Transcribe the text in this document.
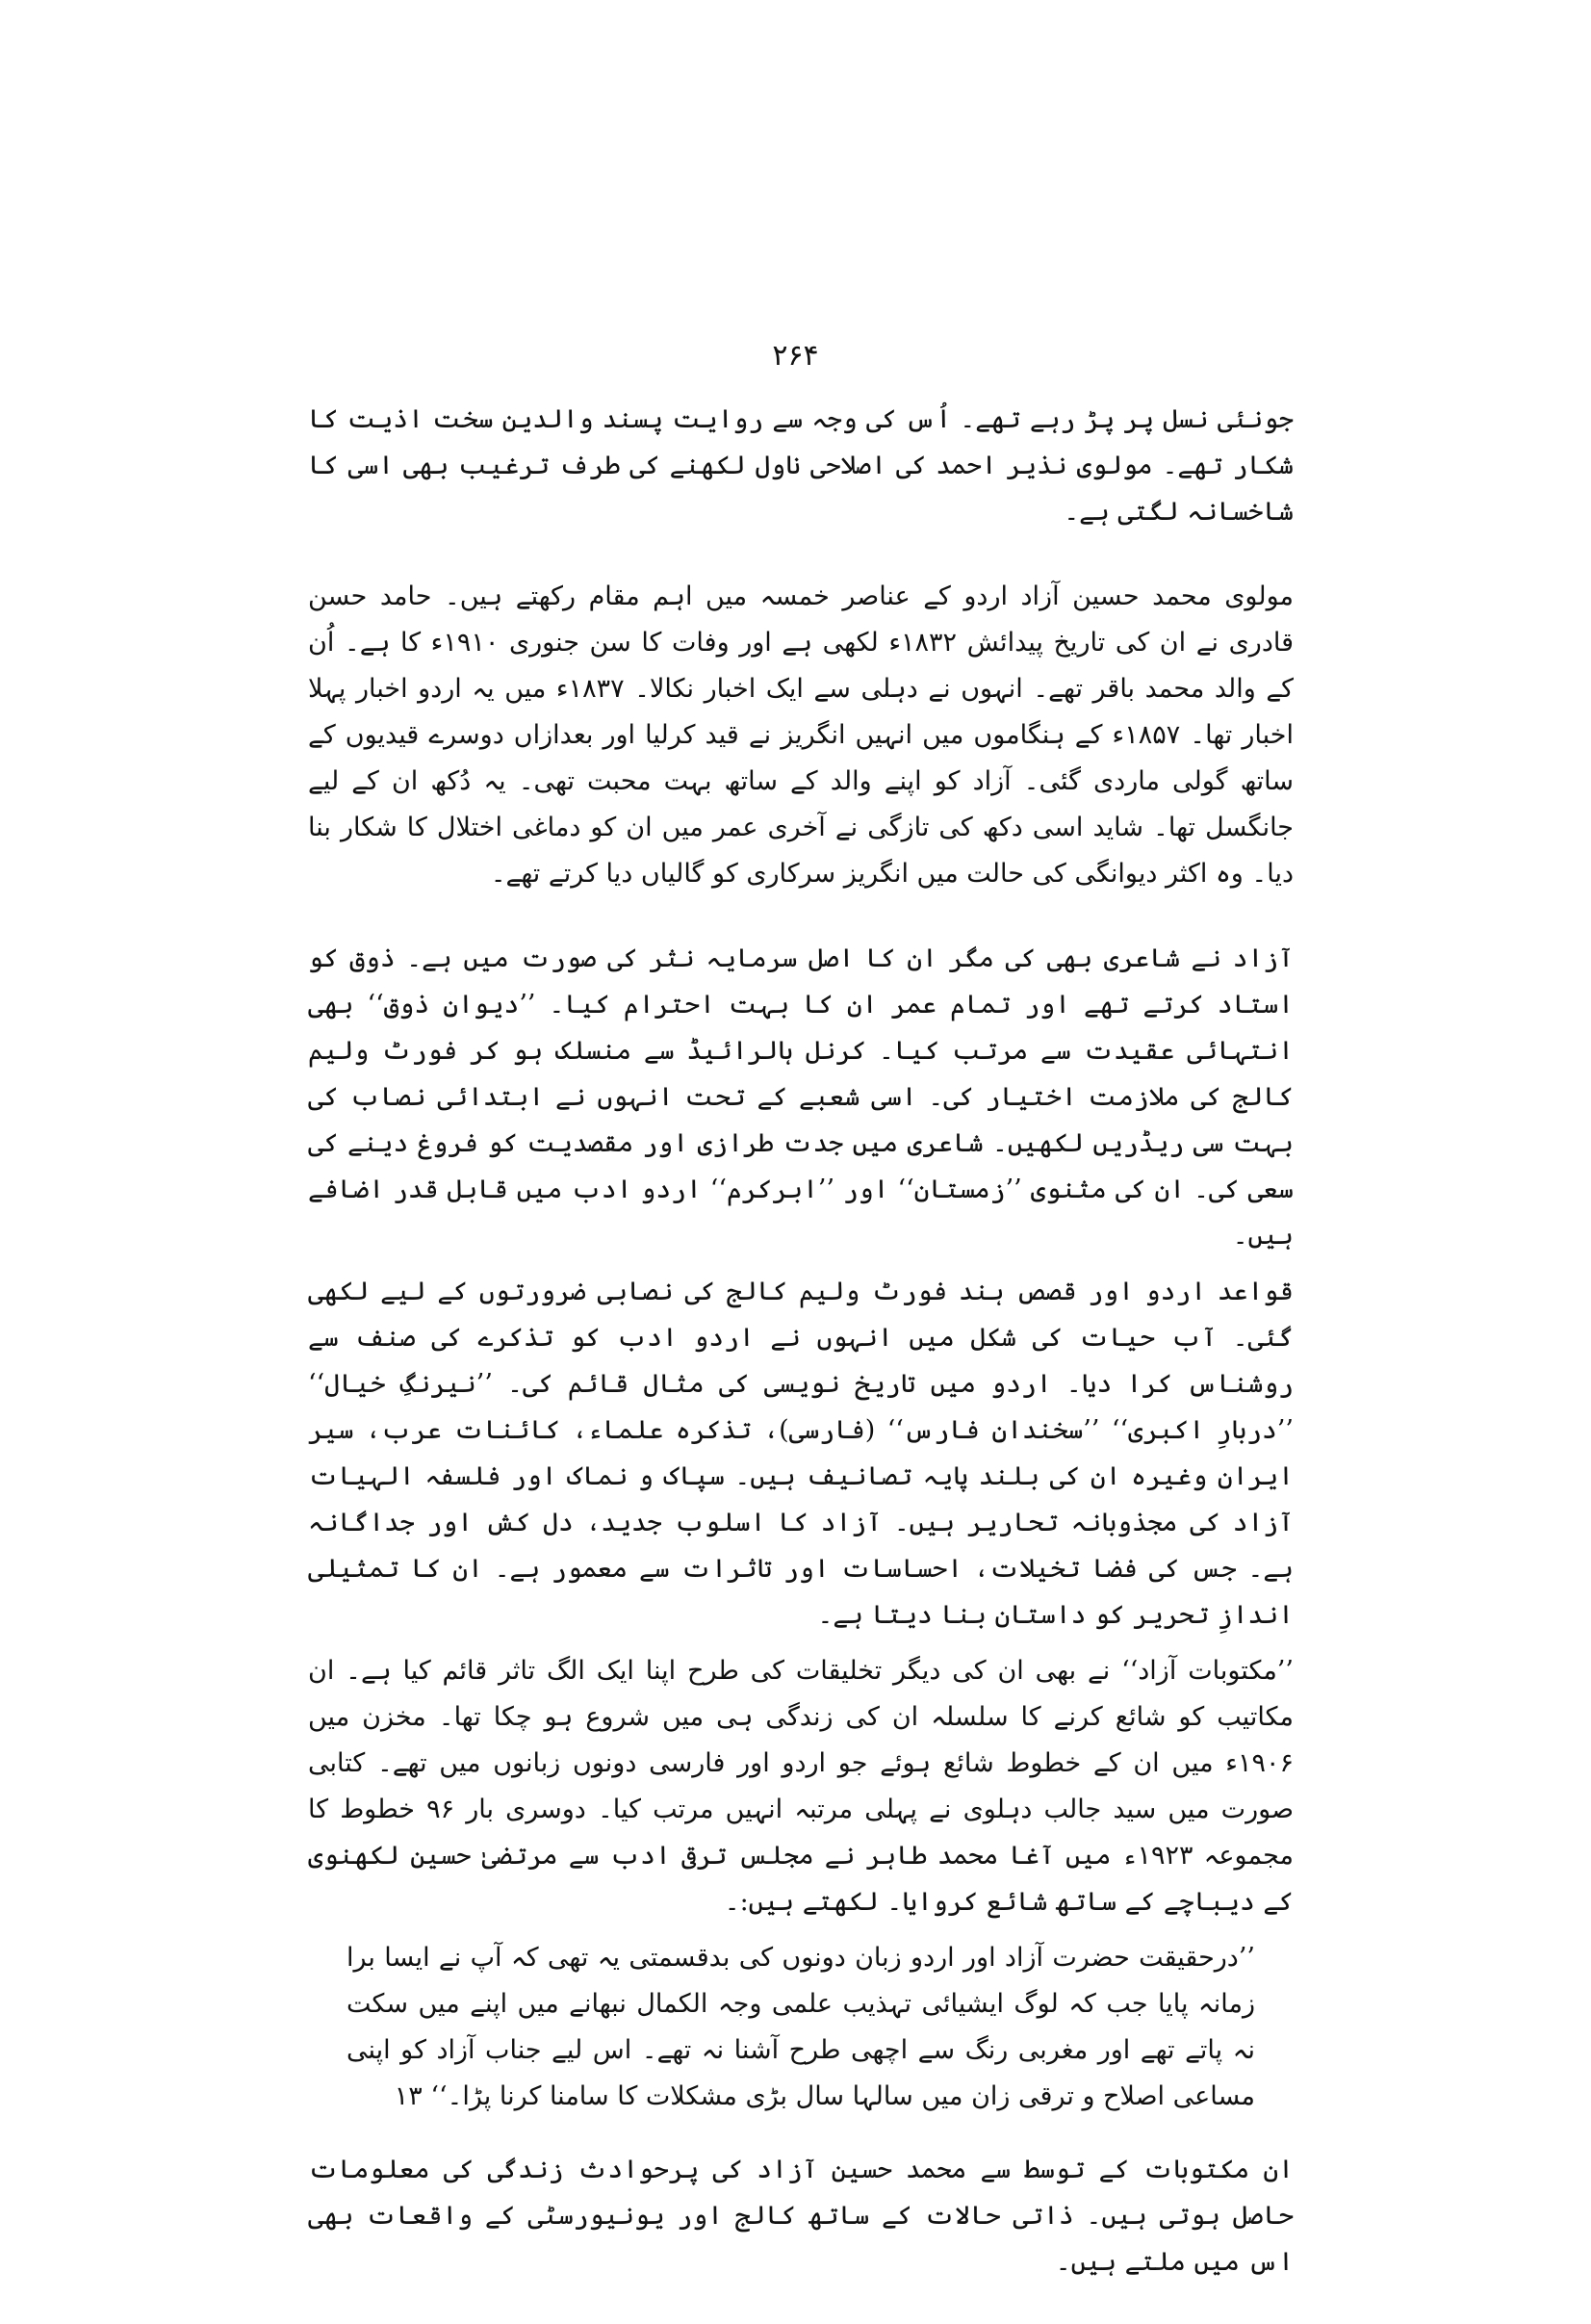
۲۶۴

جونئی نسل پر پڑ رہے تھے۔ اُس کی وجہ سے روایت پسند والدین سخت اذیت کا شکار تھے۔ مولوی نذیر احمد کی اصلاحی ناول لکھنے کی طرف ترغیب بھی اسی کا شاخسانہ لگتی ہے۔

مولوی محمد حسین آزاد اردو کے عناصر خمسہ میں اہم مقام رکھتے ہیں۔ حامد حسن قادری نے ان کی تاریخ پیدائش ۱۸۳۲ء لکھی ہے اور وفات کا سن جنوری ۱۹۱۰ء کا ہے۔ اُن کے والد محمد باقر تھے۔ انہوں نے دہلی سے ایک اخبار نکالا۔ ۱۸۳۷ء میں یہ اردو اخبار پہلا اخبار تھا۔ ۱۸۵۷ء کے ہنگاموں میں انہیں انگریز نے قید کرلیا اور بعدازاں دوسرے قیدیوں کے ساتھ گولی ماردی گئی۔ آزاد کو اپنے والد کے ساتھ بہت محبت تھی۔ یہ دُکھ ان کے لیے جانگسل تھا۔ شاید اسی دکھ کی تازگی نے آخری عمر میں ان کو دماغی اختلال کا شکار بنا دیا۔ وہ اکثر دیوانگی کی حالت میں انگریز سرکاری کو گالیاں دیا کرتے تھے۔

آزاد نے شاعری بھی کی مگر ان کا اصل سرمایہ نثر کی صورت میں ہے۔ ذوق کو استاد کرتے تھے اور تمام عمر ان کا بہت احترام کیا۔ ’’دیوانِ ذوق‘‘ بھی انتہائی عقیدت سے مرتب کیا۔ کرنل ہالرائیڈ سے منسلک ہو کر فورٹ ولیم کالج کی ملازمت اختیار کی۔ اسی شعبے کے تحت انہوں نے ابتدائی نصاب کی بہت سی ریڈریں لکھیں۔ شاعری میں جدت طرازی اور مقصدیت کو فروغ دینے کی سعی کی۔ ان کی مثنوی ’’زمستان‘‘ اور ’’ابرکرم‘‘ اردو ادب میں قابل قدر اضافے ہیں۔

قواعد اردو اور قصص ہند فورٹ ولیم کالج کی نصابی ضرورتوں کے لیے لکھی گئی۔ آب حیات کی شکل میں انہوں نے اردو ادب کو تذکرے کی صنف سے روشناس کرا دیا۔ اردو میں تاریخ نویسی کی مثال قائم کی۔ ’’نیرنگِ خیال‘‘ ’’دربارِ اکبری‘‘ ’’سخندانِ فارس‘‘ (فارسی)، تذکرہ علماء، کائنات عرب، سیر ایران وغیرہ ان کی بلند پایہ تصانیف ہیں۔ سپاک و نماک اور فلسفہ الہیات آزاد کی مجذوبانہ تحاریر ہیں۔ آزاد کا اسلوب جدید، دل کش اور جداگانہ ہے۔ جس کی فضا تخیلات، احساسات اور تاثرات سے معمور ہے۔ ان کا تمثیلی اندازِ تحریر کو داستان بنا دیتا ہے۔

’’مکتوبات آزاد‘‘ نے بھی ان کی دیگر تخلیقات کی طرح اپنا ایک الگ تاثر قائم کیا ہے۔ ان مکاتیب کو شائع کرنے کا سلسلہ ان کی زندگی ہی میں شروع ہو چکا تھا۔ مخزن میں ۱۹۰۶ء میں ان کے خطوط شائع ہوئے جو اردو اور فارسی دونوں زبانوں میں تھے۔ کتابی صورت میں سید جالب دہلوی نے پہلی مرتبہ انہیں مرتب کیا۔ دوسری بار ۹۶ خطوط کا مجموعہ ۱۹۲۳ء میں آغا محمد طاہر نے مجلس ترقی ادب سے مرتضیٰ حسین لکھنوی کے دیباچے کے ساتھ شائع کروایا۔ لکھتے ہیں:۔

’’درحقیقت حضرت آزاد اور اردو زبان دونوں کی بدقسمتی یہ تھی کہ آپ نے ایسا برا زمانہ پایا جب کہ لوگ ایشیائی تہذیب علمی وجہ الکمال نبھانے میں اپنے میں سکت نہ پاتے تھے اور مغربی رنگ سے اچھی طرح آشنا نہ تھے۔ اس لیے جناب آزاد کو اپنی مساعی اصلاح و ترقی زان میں سالہا سال بڑی مشکلات کا سامنا کرنا پڑا۔‘‘ ۱۳

ان مکتوبات کے توسط سے محمد حسین آزاد کی پرحوادث زندگی کی معلومات حاصل ہوتی ہیں۔ ذاتی حالات کے ساتھ کالج اور یونیورسٹی کے واقعات بھی اس میں ملتے ہیں۔
